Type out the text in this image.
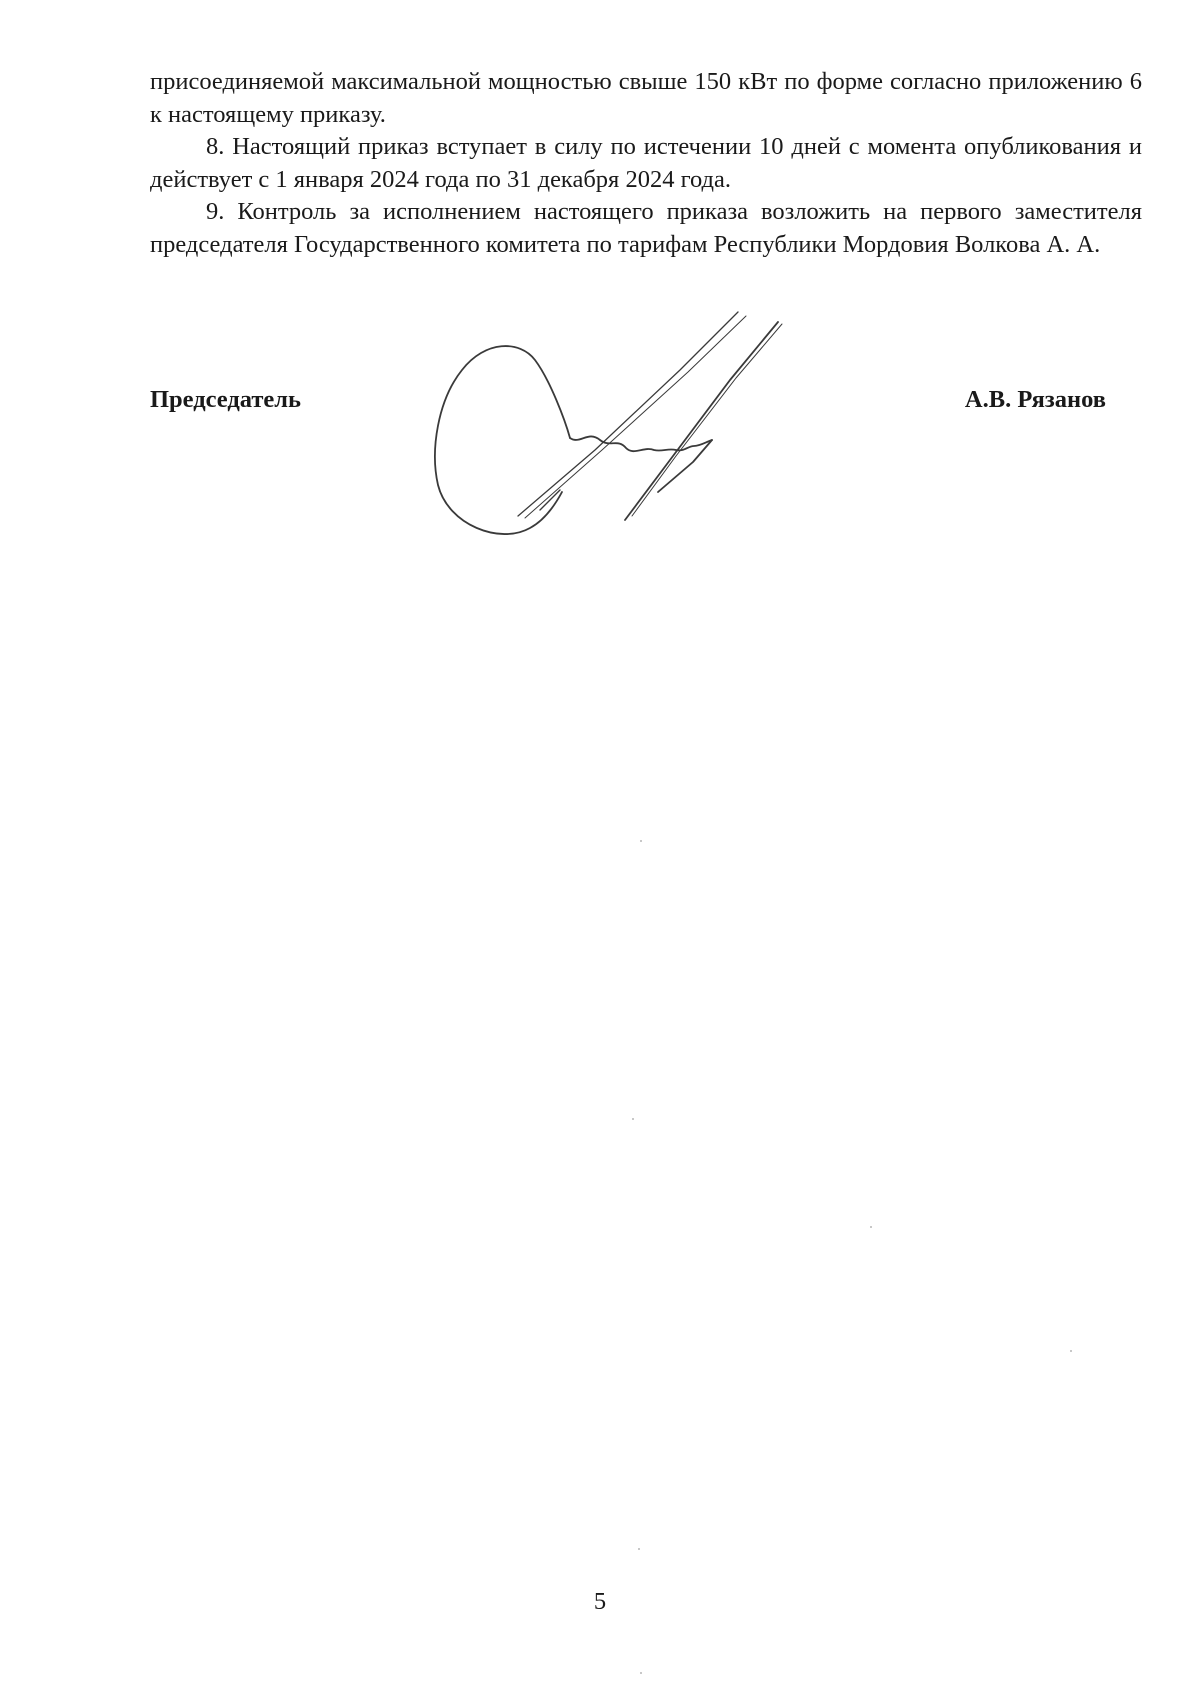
присоединяемой максимальной мощностью свыше 150 кВт по форме согласно приложению 6 к настоящему приказу.

8. Настоящий приказ вступает в силу по истечении 10 дней с момента опубликования и действует с 1 января 2024 года по 31 декабря 2024 года.

9. Контроль за исполнением настоящего приказа возложить на первого заместителя председателя Государственного комитета по тарифам Республики Мордовия Волкова А. А.

Председатель	А.В. Рязанов
5
